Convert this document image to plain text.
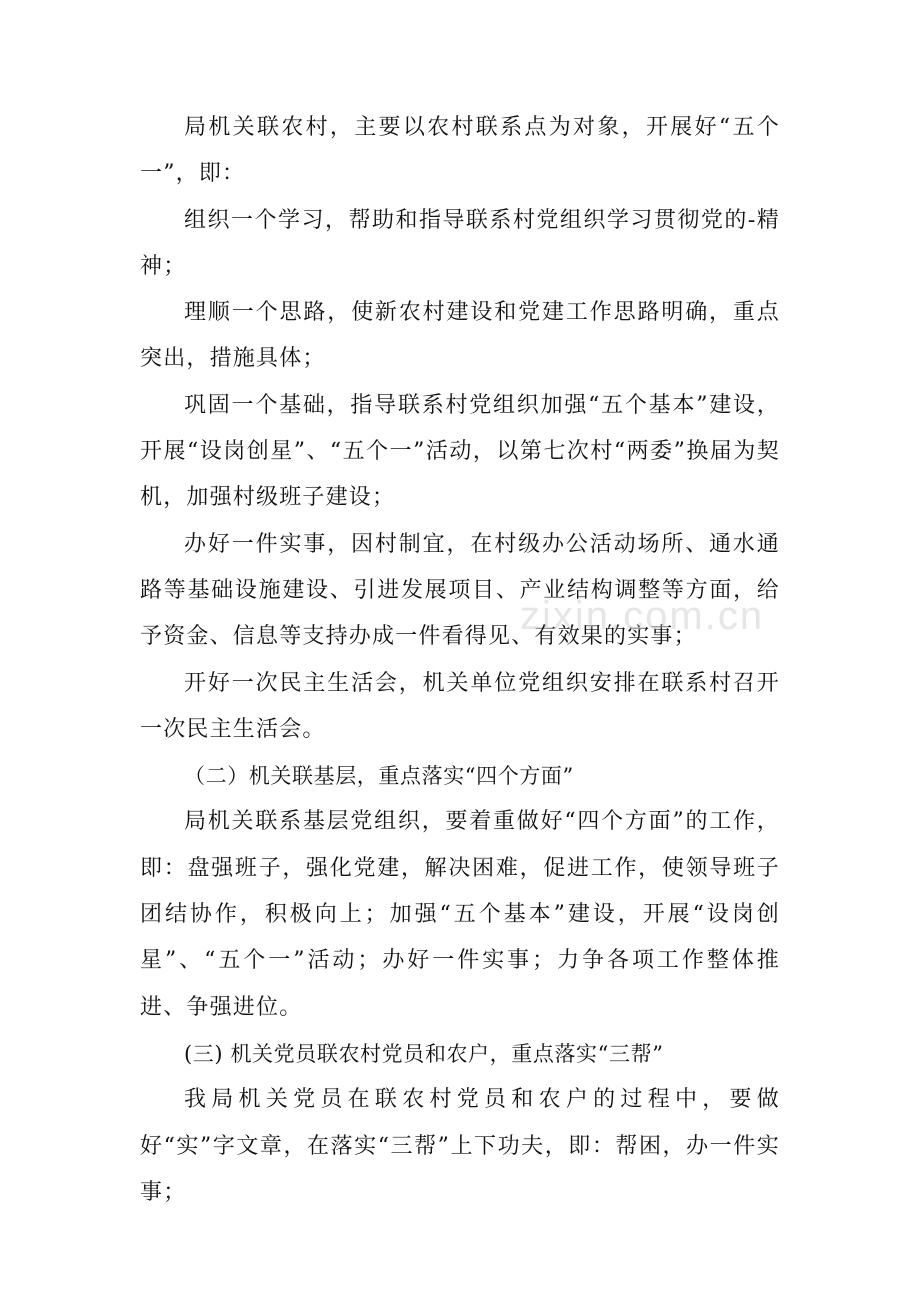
局机关联农村，主要以农村联系点为对象，开展好“五个一”，即：

组织一个学习，帮助和指导联系村党组织学习贯彻党的-精神；

理顺一个思路，使新农村建设和党建工作思路明确，重点突出，措施具体；

巩固一个基础，指导联系村党组织加强“五个基本”建设，开展“设岗创星”、“五个一”活动，以第七次村“两委”换届为契机，加强村级班子建设；

办好一件实事，因村制宜，在村级办公活动场所、通水通路等基础设施建设、引进发展项目、产业结构调整等方面，给予资金、信息等支持办成一件看得见、有效果的实事；

开好一次民主生活会，机关单位党组织安排在联系村召开一次民主生活会。

（二）机关联基层，重点落实“四个方面”

局机关联系基层党组织，要着重做好“四个方面”的工作，即：盘强班子，强化党建，解决困难，促进工作，使领导班子团结协作，积极向上；加强“五个基本”建设，开展“设岗创星”、“五个一”活动；办好一件实事；力争各项工作整体推进、争强进位。

(三) 机关党员联农村党员和农户，重点落实“三帮”

我局机关党员在联农村党员和农户的过程中，要做好“实”字文章，在落实“三帮”上下功夫，即：帮困，办一件实事；

zixin.com.cn
